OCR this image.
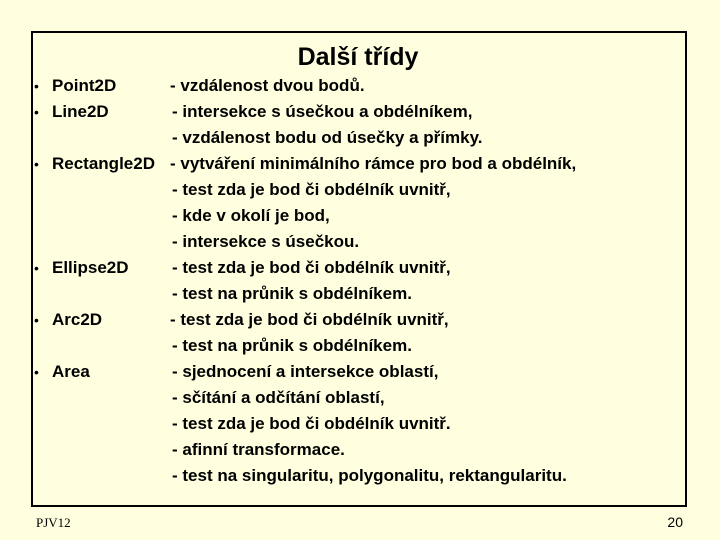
Další třídy
• Point2D	- vzdálenost dvou bodů.
• Line2D	- intersekce s úsečkou a obdélníkem,
- vzdálenost bodu od úsečky a přímky.
• Rectangle2D - vytváření minimálního rámce pro bod a obdélník,
- test zda je bod či obdélník uvnitř,
- kde v okolí je bod,
- intersekce s úsečkou.
• Ellipse2D	- test zda je bod či obdélník uvnitř,
- test na průnik s obdélníkem.
• Arc2D	- test zda je bod či obdélník uvnitř,
- test na průnik s obdélníkem.
• Area	- sjednocení a intersekce oblastí,
- sčítání a odčítání oblastí,
- test zda je bod či obdélník uvnitř.
- afinní transformace.
- test na singularitu, polygonalitu, rektangularitu.
PJV12	20
